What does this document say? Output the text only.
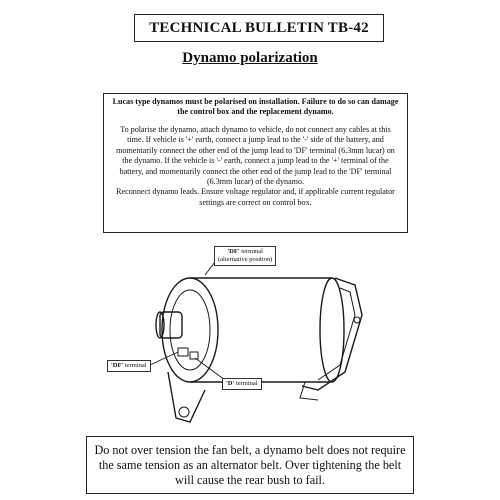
TECHNICAL BULLETIN TB-42
Dynamo polarization
Lucas type dynamos must be polarised on installation. Failure to do so can damage the control box and the replacement dynamo.

To polarise the dynamo, attach dynamo to vehicle, do not connect any cables at this time. If vehicle is '+' earth, connect a jump lead to the '-' side of the battery, and momentarily connect the other end of the jump lead to 'DF' terminal (6.3mm lucar) on the dynamo. If the vehicle is '-' earth, connect a jump lead to the '+' terminal of the battery, and momentarily connect the other end of the jump lead to the 'DF' terminal (6.3mm lucar) of the dynamo.

Reconnect dynamo leads. Ensure voltage regulator and, if applicable current regulator settings are correct on control box.

'DF' terminal
(alternative position)
'DF' terminal
'D' terminal
Do not over tension the fan belt, a dynamo belt does not require the same tension as an alternator belt. Over tightening the belt will cause the rear bush to fail.
